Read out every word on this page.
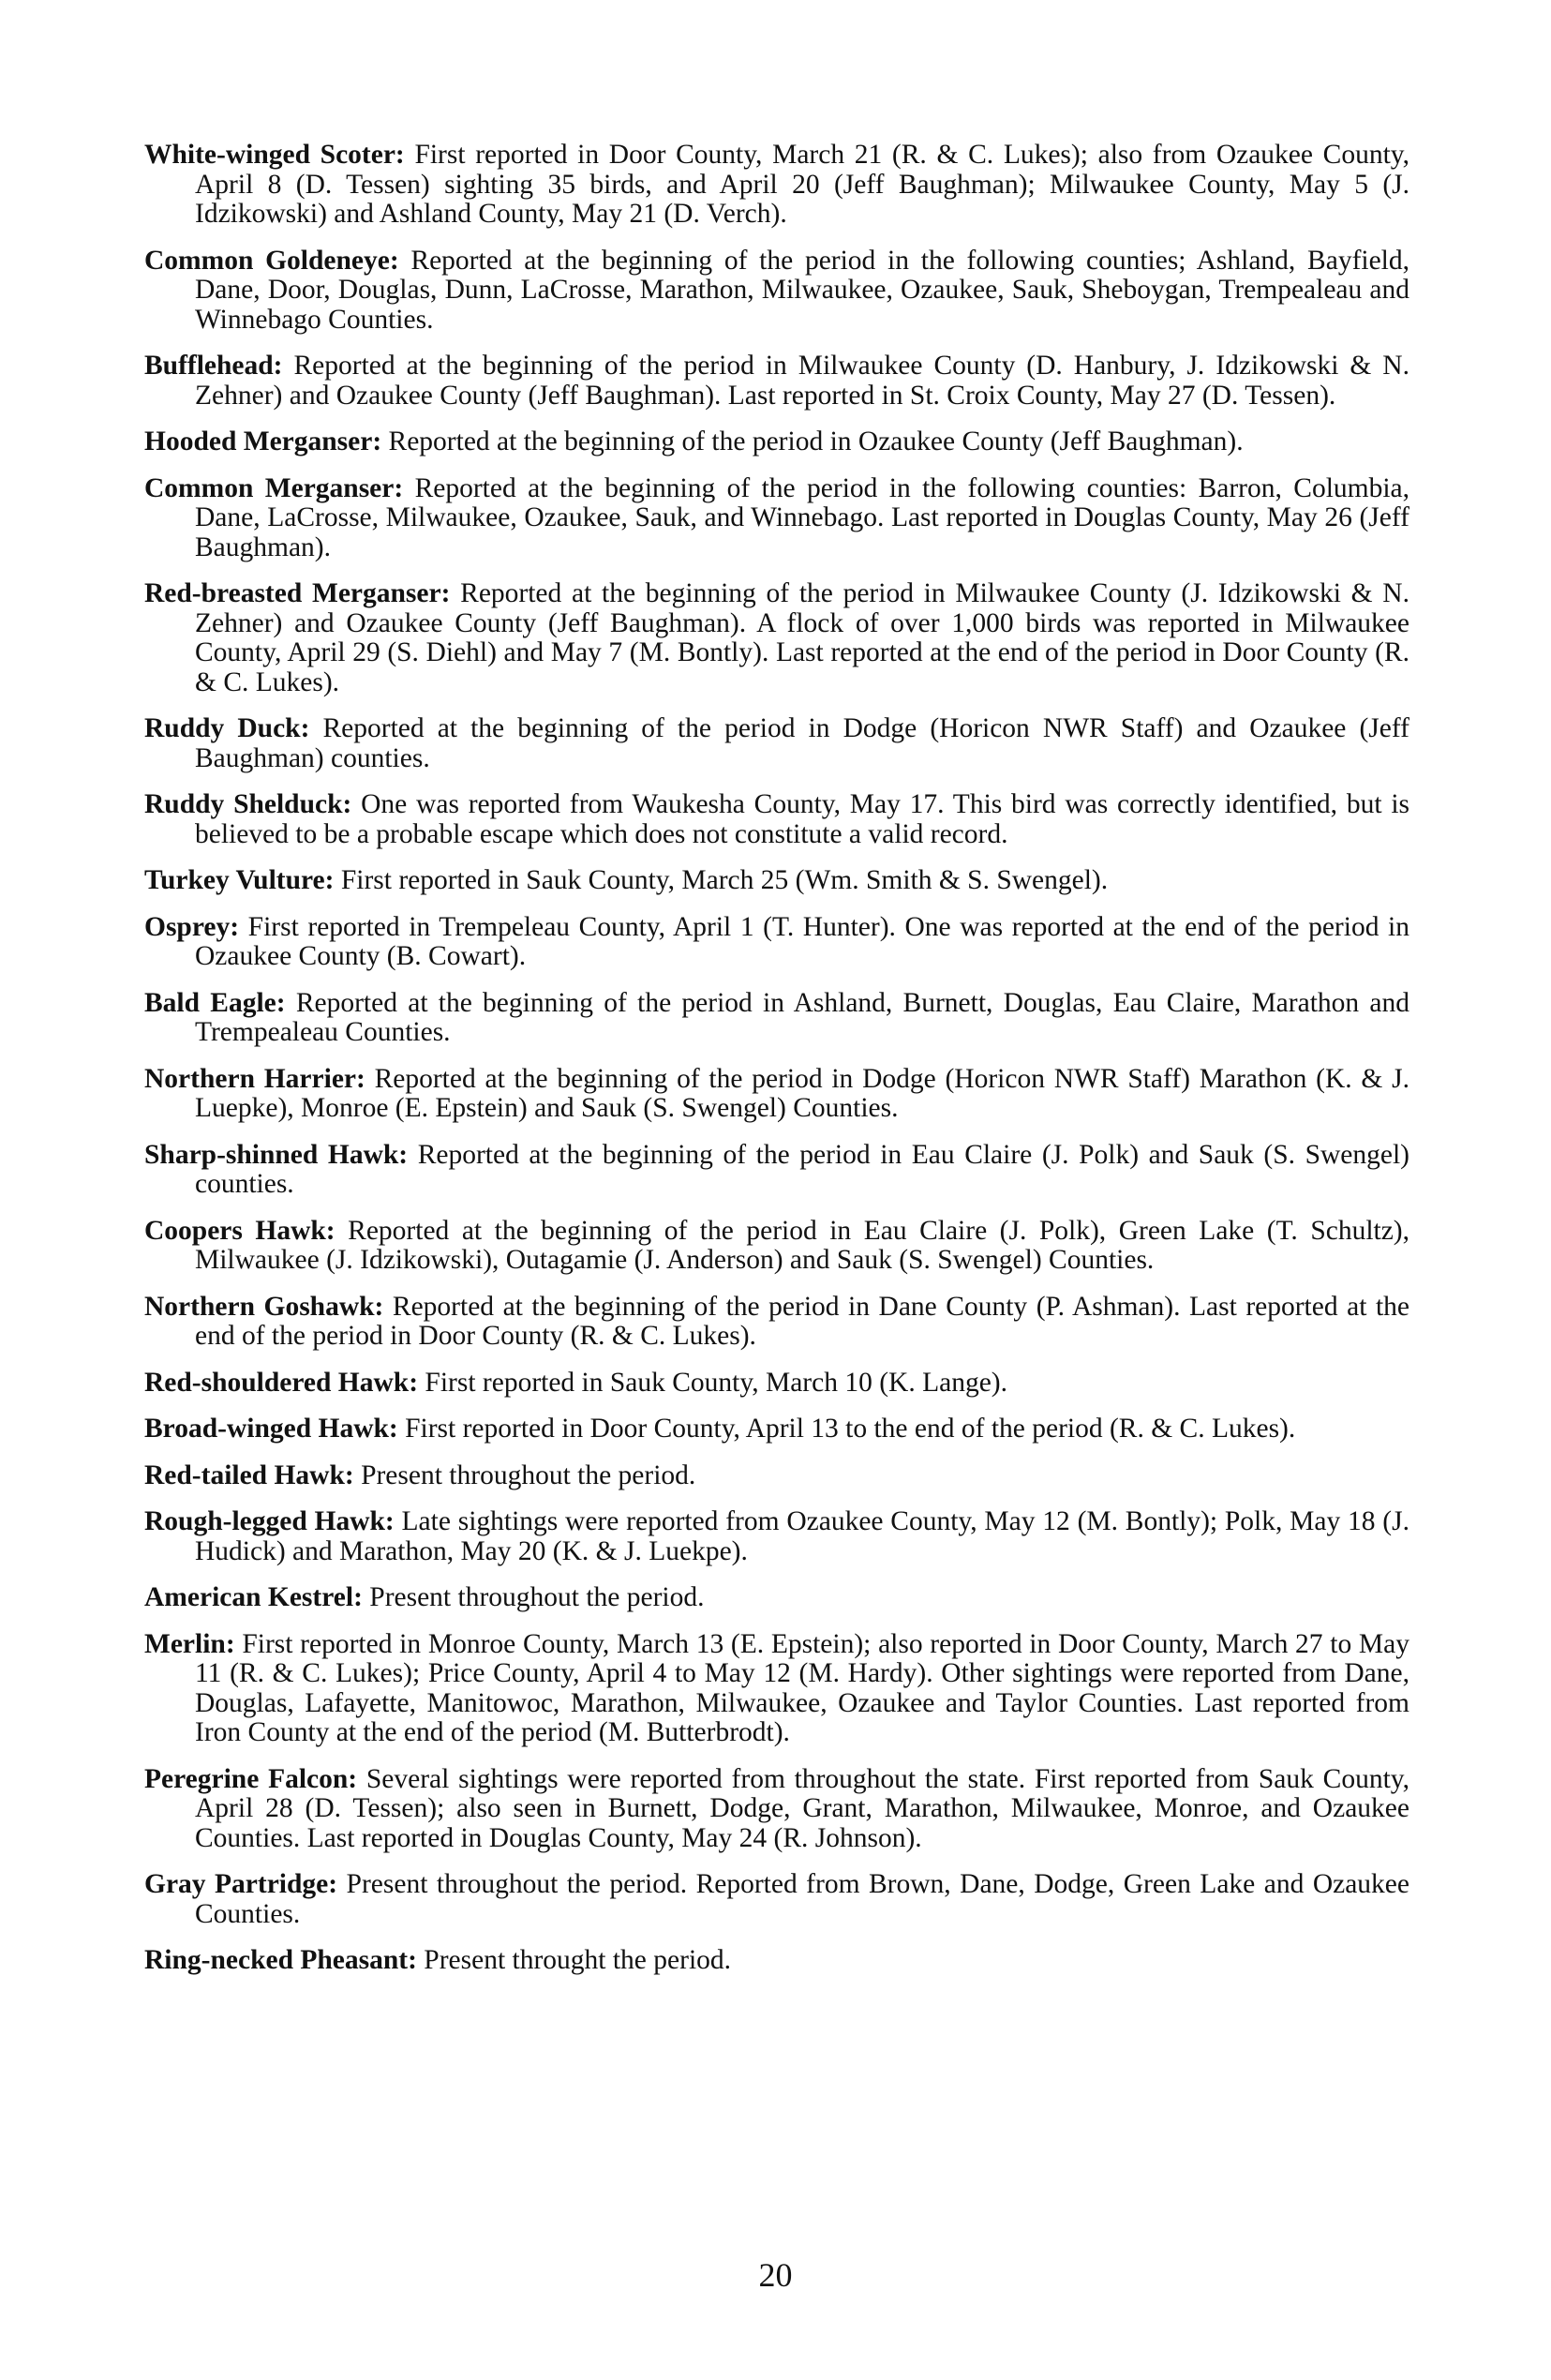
White-winged Scoter: First reported in Door County, March 21 (R. & C. Lukes); also from Ozaukee County, April 8 (D. Tessen) sighting 35 birds, and April 20 (Jeff Baughman); Milwaukee County, May 5 (J. Idzikowski) and Ashland County, May 21 (D. Verch).

Common Goldeneye: Reported at the beginning of the period in the following counties; Ashland, Bayfield, Dane, Door, Douglas, Dunn, LaCrosse, Marathon, Milwaukee, Ozaukee, Sauk, Sheboygan, Trempealeau and Winnebago Counties.

Bufflehead: Reported at the beginning of the period in Milwaukee County (D. Hanbury, J. Idzikowski & N. Zehner) and Ozaukee County (Jeff Baughman). Last reported in St. Croix County, May 27 (D. Tessen).

Hooded Merganser: Reported at the beginning of the period in Ozaukee County (Jeff Baughman).

Common Merganser: Reported at the beginning of the period in the following counties: Barron, Columbia, Dane, LaCrosse, Milwaukee, Ozaukee, Sauk, and Winnebago. Last reported in Douglas County, May 26 (Jeff Baughman).

Red-breasted Merganser: Reported at the beginning of the period in Milwaukee County (J. Idzikowski & N. Zehner) and Ozaukee County (Jeff Baughman). A flock of over 1,000 birds was reported in Milwaukee County, April 29 (S. Diehl) and May 7 (M. Bontly). Last reported at the end of the period in Door County (R. & C. Lukes).

Ruddy Duck: Reported at the beginning of the period in Dodge (Horicon NWR Staff) and Ozaukee (Jeff Baughman) counties.

Ruddy Shelduck: One was reported from Waukesha County, May 17. This bird was correctly identified, but is believed to be a probable escape which does not constitute a valid record.

Turkey Vulture: First reported in Sauk County, March 25 (Wm. Smith & S. Swengel).

Osprey: First reported in Trempeleau County, April 1 (T. Hunter). One was reported at the end of the period in Ozaukee County (B. Cowart).

Bald Eagle: Reported at the beginning of the period in Ashland, Burnett, Douglas, Eau Claire, Marathon and Trempealeau Counties.

Northern Harrier: Reported at the beginning of the period in Dodge (Horicon NWR Staff) Marathon (K. & J. Luepke), Monroe (E. Epstein) and Sauk (S. Swengel) Counties.

Sharp-shinned Hawk: Reported at the beginning of the period in Eau Claire (J. Polk) and Sauk (S. Swengel) counties.

Coopers Hawk: Reported at the beginning of the period in Eau Claire (J. Polk), Green Lake (T. Schultz), Milwaukee (J. Idzikowski), Outagamie (J. Anderson) and Sauk (S. Swengel) Counties.

Northern Goshawk: Reported at the beginning of the period in Dane County (P. Ashman). Last reported at the end of the period in Door County (R. & C. Lukes).

Red-shouldered Hawk: First reported in Sauk County, March 10 (K. Lange).

Broad-winged Hawk: First reported in Door County, April 13 to the end of the period (R. & C. Lukes).

Red-tailed Hawk: Present throughout the period.

Rough-legged Hawk: Late sightings were reported from Ozaukee County, May 12 (M. Bontly); Polk, May 18 (J. Hudick) and Marathon, May 20 (K. & J. Luekpe).

American Kestrel: Present throughout the period.

Merlin: First reported in Monroe County, March 13 (E. Epstein); also reported in Door County, March 27 to May 11 (R. & C. Lukes); Price County, April 4 to May 12 (M. Hardy). Other sightings were reported from Dane, Douglas, Lafayette, Manitowoc, Marathon, Milwaukee, Ozaukee and Taylor Counties. Last reported from Iron County at the end of the period (M. Butterbrodt).

Peregrine Falcon: Several sightings were reported from throughout the state. First reported from Sauk County, April 28 (D. Tessen); also seen in Burnett, Dodge, Grant, Marathon, Milwaukee, Monroe, and Ozaukee Counties. Last reported in Douglas County, May 24 (R. Johnson).

Gray Partridge: Present throughout the period. Reported from Brown, Dane, Dodge, Green Lake and Ozaukee Counties.

Ring-necked Pheasant: Present throught the period.

20
